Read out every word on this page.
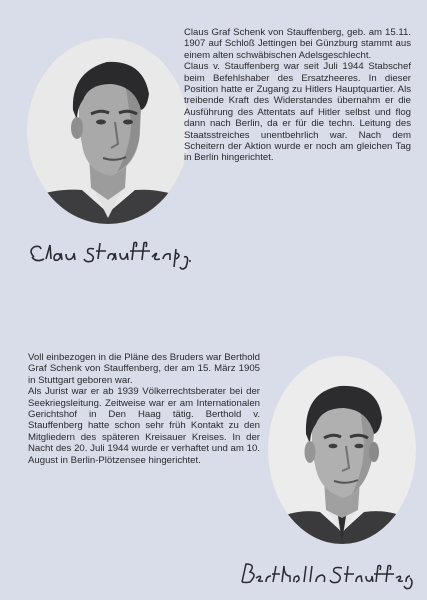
Claus Graf Schenk von Stauffenberg, geb. am 15.11. 1907 auf Schloß Jettingen bei Günzburg stammt aus einem alten schwäbischen Adelsgeschlecht.

Claus v. Stauffenberg war seit Juli 1944 Stabschef beim Befehlshaber des Ersatzheeres. In dieser Position hatte er Zugang zu Hitlers Hauptquartier. Als treibende Kraft des Widerstandes übernahm er die Ausführung des Attentats auf Hitler selbst und flog dann nach Berlin, da er für die techn. Leitung des Staatsstreiches unentbehrlich war. Nach dem Scheitern der Aktion wurde er noch am gleichen Tag in Berlin hingerichtet.

Voll einbezogen in die Pläne des Bruders war Berthold Graf Schenk von Stauffenberg, der am 15. März 1905 in Stuttgart geboren war.

Als Jurist war er ab 1939 Völkerrechtsberater bei der Seekriegsleitung. Zeitweise war er am Internationalen Gerichtshof in Den Haag tätig. Berthold v. Stauffenberg hatte schon sehr früh Kontakt zu den Mitgliedern des späteren Kreisauer Kreises. In der Nacht des 20. Juli 1944 wurde er verhaftet und am 10. August in Berlin-Plötzensee hingerichtet.
